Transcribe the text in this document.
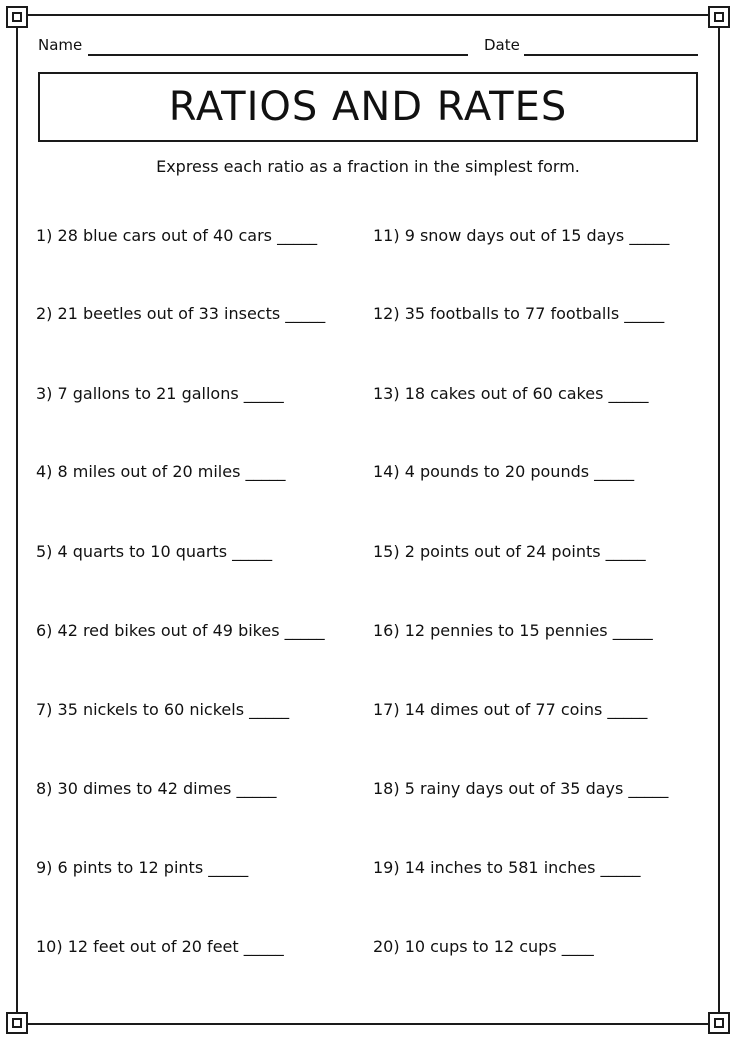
Name	Date
RATIOS AND RATES
Express each ratio as a fraction in the simplest form.
1) 28 blue cars out of 40 cars _____
2) 21 beetles out of 33 insects _____
3) 7 gallons to 21 gallons _____
4) 8 miles out of 20 miles _____
5) 4 quarts to 10 quarts _____
6) 42 red bikes out of 49 bikes _____
7) 35 nickels to 60 nickels _____
8) 30 dimes to 42 dimes _____
9) 6 pints to 12 pints _____
10) 12 feet out of 20 feet _____
11) 9 snow days out of 15 days _____
12) 35 footballs to 77 footballs _____
13) 18 cakes out of 60 cakes _____
14) 4 pounds to 20 pounds _____
15) 2 points out of 24 points _____
16) 12 pennies to 15 pennies _____
17) 14 dimes out of 77 coins _____
18) 5 rainy days out of 35 days _____
19) 14 inches to 581 inches _____
20) 10 cups to 12 cups ____
